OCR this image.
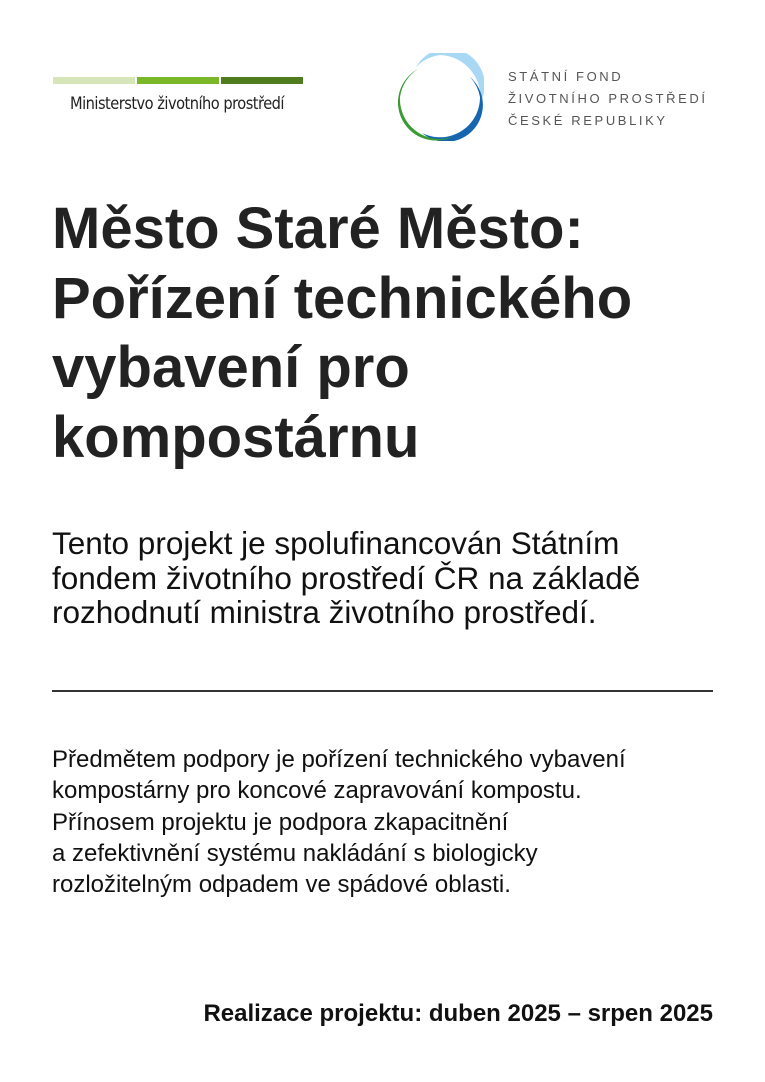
Ministerstvo životního prostředí
STÁTNÍ FOND
ŽIVOTNÍHO PROSTŘEDÍ
ČESKÉ REPUBLIKY
Město Staré Město:
Pořízení technického
vybavení pro
kompostárnu
Tento projekt je spolufinancován Státním
fondem životního prostředí ČR na základě
rozhodnutí ministra životního prostředí.
Předmětem podpory je pořízení technického vybavení
kompostárny pro koncové zapravování kompostu.
Přínosem projektu je podpora zkapacitnění
a zefektivnění systému nakládání s biologicky
rozložitelným odpadem ve spádové oblasti.
Realizace projektu: duben 2025 – srpen 2025
